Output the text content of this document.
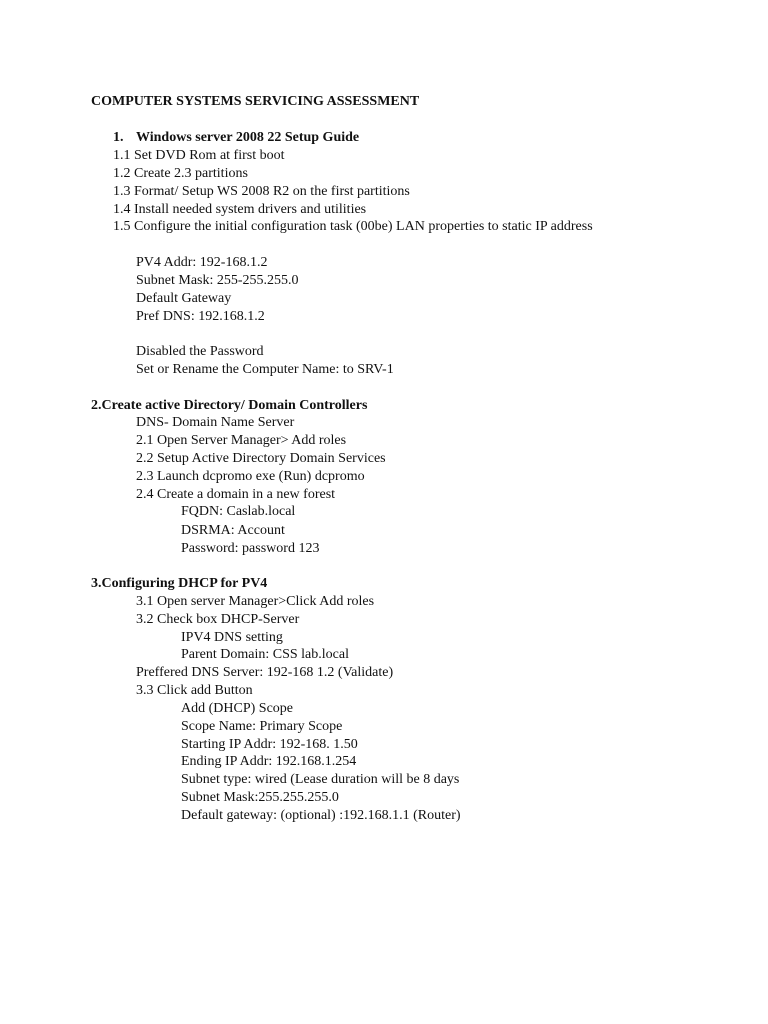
COMPUTER SYSTEMS SERVICING ASSESSMENT
1. Windows server 2008 22 Setup Guide
1.1 Set DVD Rom at first boot
1.2 Create 2.3 partitions
1.3 Format/ Setup WS 2008 R2 on the first partitions
1.4 Install needed system drivers and utilities
1.5 Configure the initial configuration task (00be) LAN properties to static IP address
PV4 Addr: 192-168.1.2
Subnet Mask: 255-255.255.0
Default Gateway
Pref DNS: 192.168.1.2
Disabled the Password
Set or Rename the Computer Name: to SRV-1
2.Create active Directory/ Domain Controllers
DNS- Domain Name Server
2.1 Open Server Manager> Add roles
2.2 Setup Active Directory Domain Services
2.3 Launch dcpromo exe (Run) dcpromo
2.4 Create a domain in a new forest
FQDN: Caslab.local
DSRMA: Account
Password: password 123
3.Configuring DHCP for PV4
3.1 Open server Manager>Click Add roles
3.2 Check box DHCP-Server
IPV4 DNS setting
Parent Domain: CSS lab.local
Preffered DNS Server: 192-168 1.2 (Validate)
3.3 Click add Button
Add (DHCP) Scope
Scope Name: Primary Scope
Starting IP Addr: 192-168. 1.50
Ending IP Addr: 192.168.1.254
Subnet type: wired (Lease duration will be 8 days
Subnet Mask:255.255.255.0
Default gateway: (optional) :192.168.1.1 (Router)
